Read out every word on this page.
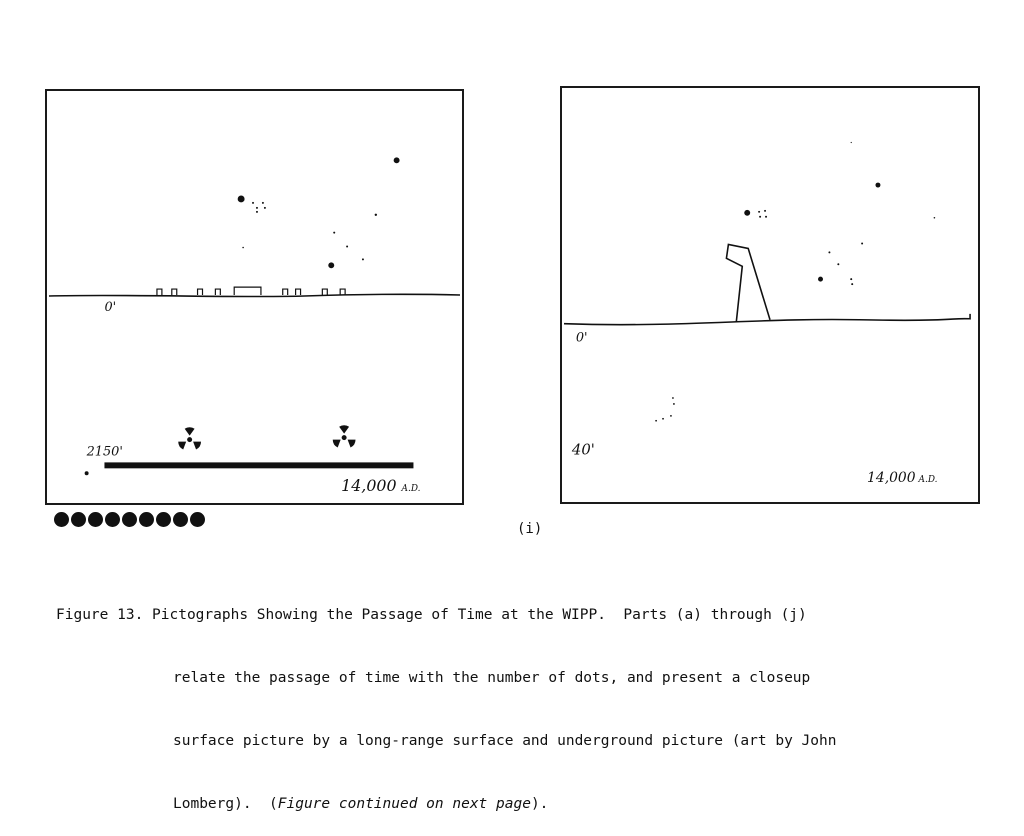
0'
2150'
14,000 A.D.
0'
40'
14,000 A.D.
(i)

Figure 13. Pictographs Showing the Passage of Time at the WIPP.  Parts (a) through (j)

relate the passage of time with the number of dots, and present a closeup

surface picture by a long-range surface and underground picture (art by John

Lomberg).  (Figure continued on next page).
